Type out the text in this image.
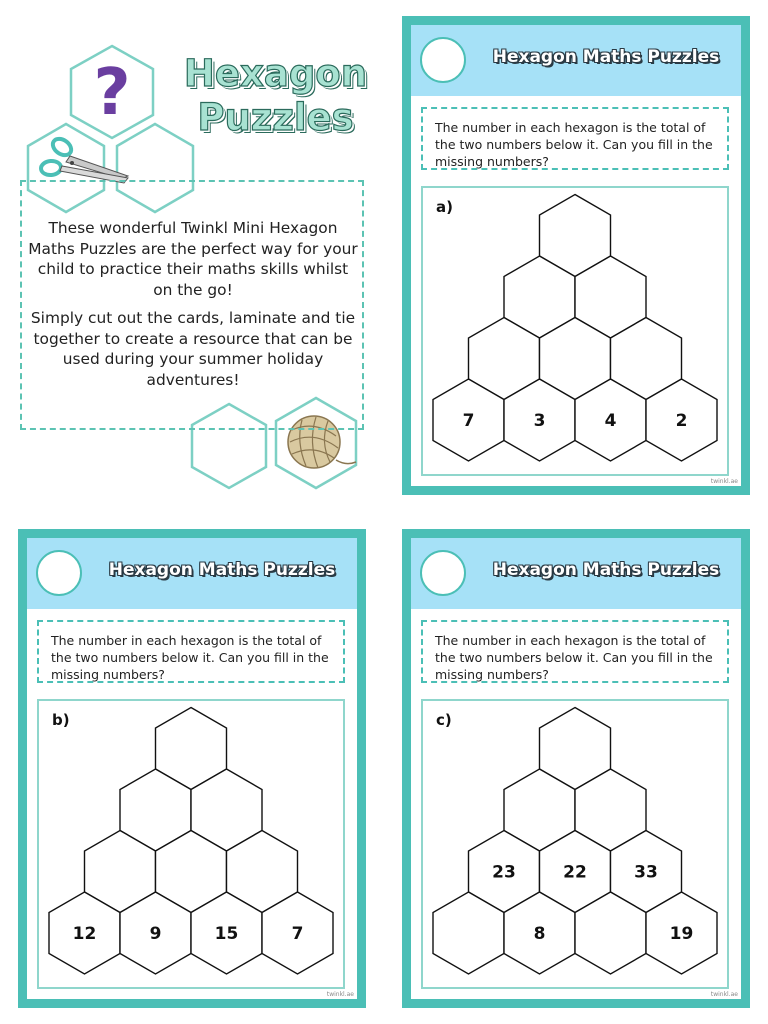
? Hexagon
Puzzles

These wonderful Twinkl Mini Hexagon Maths Puzzles are the perfect way for your child to practice their maths skills whilst on the go!

Simply cut out the cards, laminate and tie together to create a resource that can be used during your summer holiday adventures!

Hexagon Maths Puzzles
The number in each hexagon is the total of the two numbers below it. Can you fill in the missing numbers?
7	3	4	2
a)
twinkl.ae
Hexagon Maths Puzzles
The number in each hexagon is the total of the two numbers below it. Can you fill in the missing numbers?
12	9	15	7
b)
twinkl.ae
Hexagon Maths Puzzles
The number in each hexagon is the total of the two numbers below it. Can you fill in the missing numbers?
23	22	33
8	19
c)
twinkl.ae
